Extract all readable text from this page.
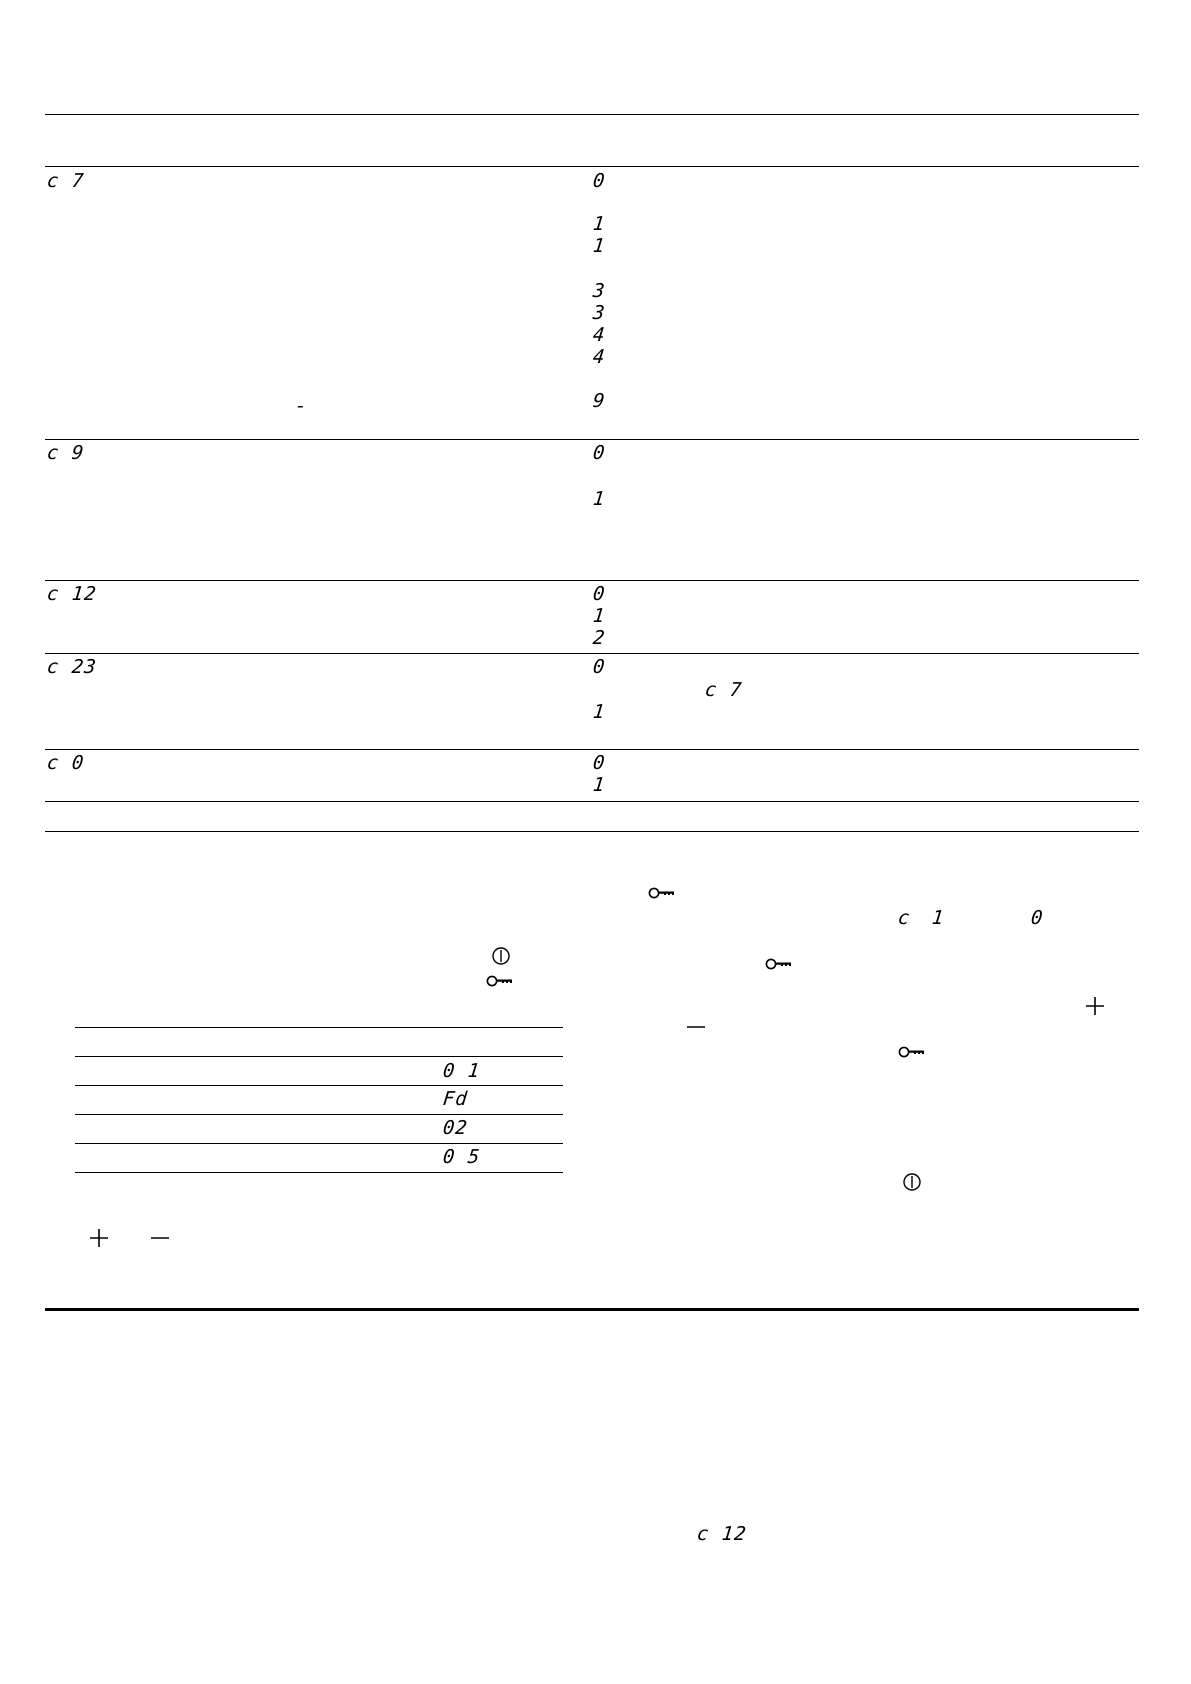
c 7	0
1
1
3
3
4
4
-	9
c 9	0
1
c 12	0
1
2
c 23	0
c 7
1
c 0	0
1
0 1
Fd
02
0 5
c 1	0
c 12
